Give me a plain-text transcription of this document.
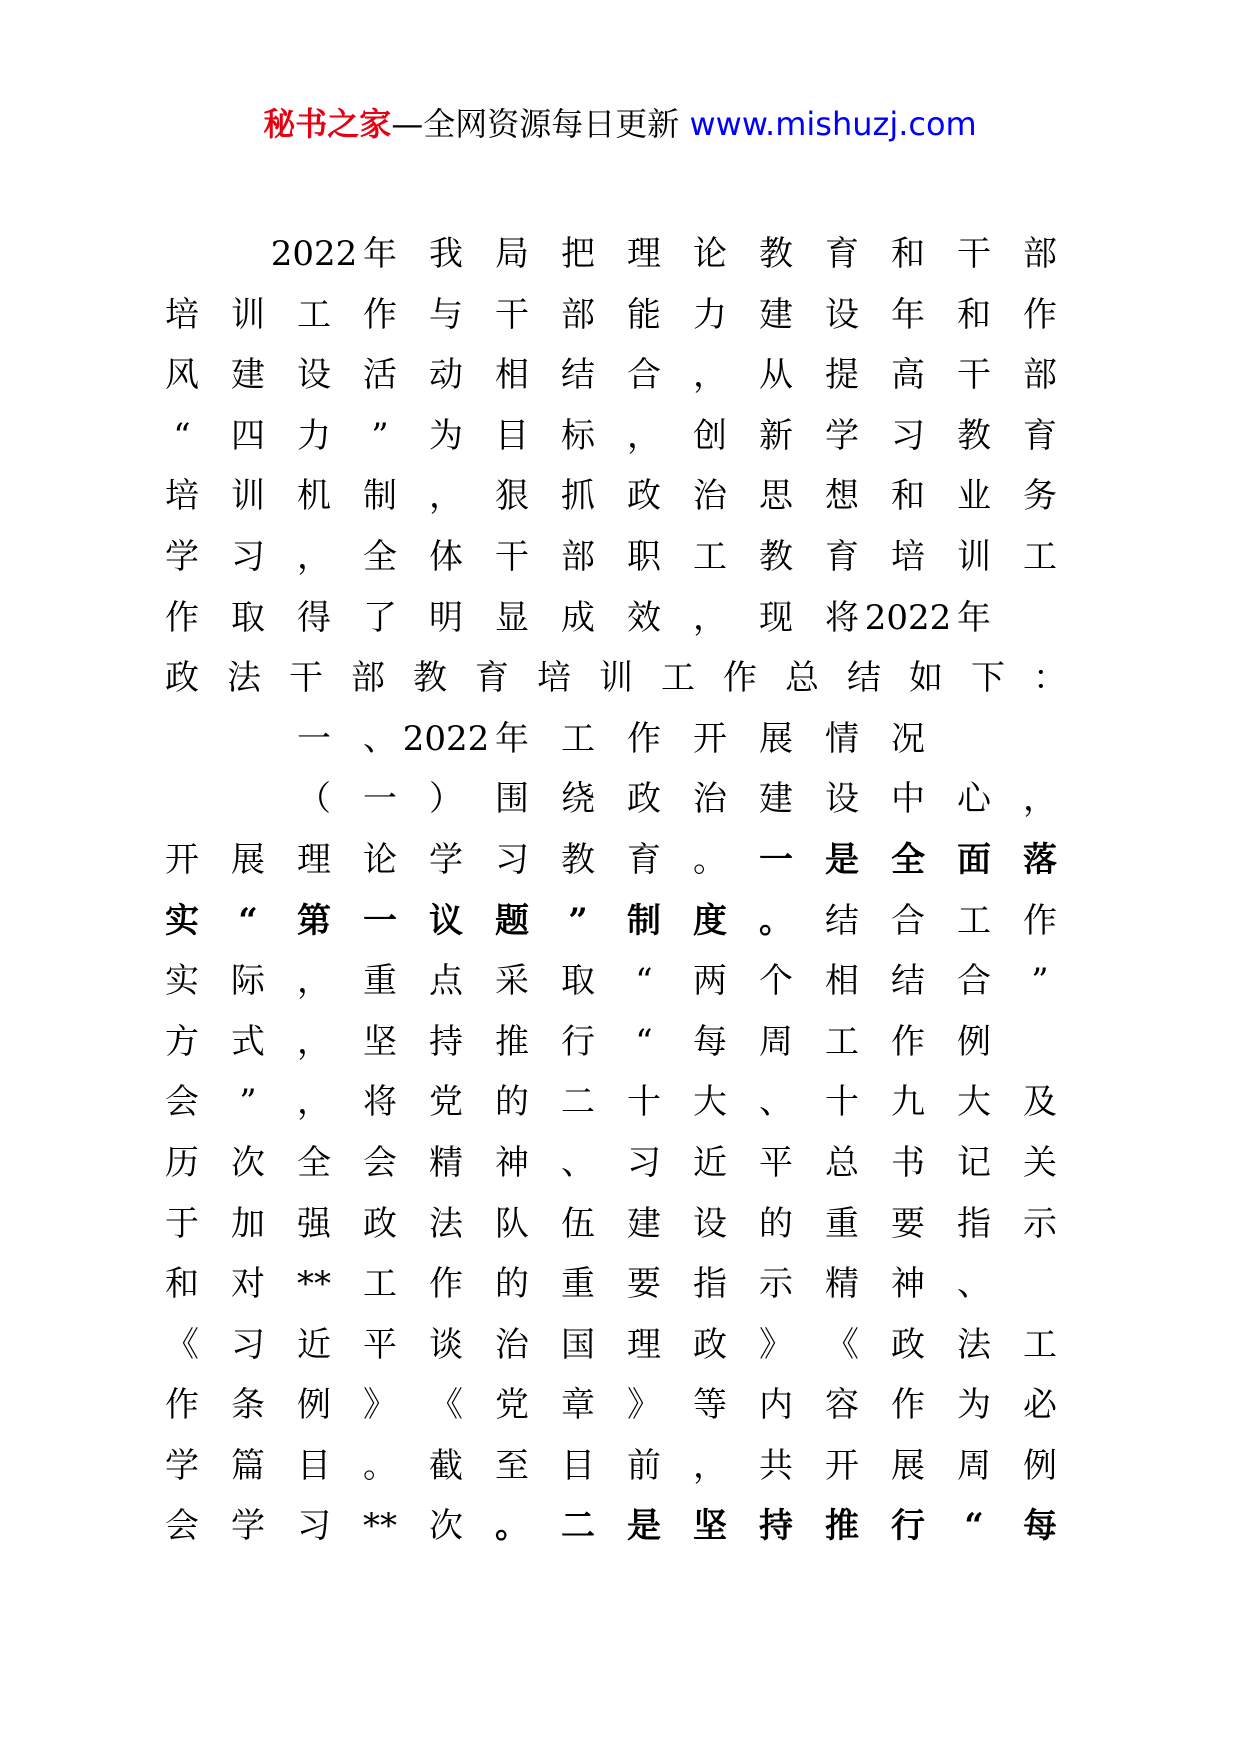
秘书之家—全网资源每日更新 www.mishuzj.com
2022 年 我 局 把 理 论 教 育 和 干 部
培 训 工 作 与 干 部 能 力 建 设 年 和 作
风 建 设 活 动 相 结 合 ， 从 提 高 干 部
“ 四 力 ” 为 目 标 ， 创 新 学 习 教 育
培 训 机 制 ， 狠 抓 政 治 思 想 和 业 务
学 习 ， 全 体 干 部 职 工 教 育 培 训 工
作 取 得 了 明 显 成 效 ， 现 将 2022 年
政 法 干 部 教 育 培 训 工 作 总 结 如 下 ：
一 、 2022 年 工 作 开 展 情 况
（ 一 ） 围 绕 政 治 建 设 中 心 ，
开 展 理 论 学 习 教 育 。 一 是 全 面 落
实 “ 第 一 议 题 ” 制 度 。 结 合 工 作
实 际 ， 重 点 采 取 “ 两 个 相 结 合 ”
方 式 ， 坚 持 推 行 “ 每 周 工 作 例
会 ” ， 将 党 的 二 十 大 、 十 九 大 及
历 次 全 会 精 神 、 习 近 平 总 书 记 关
于 加 强 政 法 队 伍 建 设 的 重 要 指 示
和 对 ** 工 作 的 重 要 指 示 精 神 、
《 习 近 平 谈 治 国 理 政 》 《 政 法 工
作 条 例 》 《 党 章 》 等 内 容 作 为 必
学 篇 目 。 截 至 目 前 ， 共 开 展 周 例
会 学 习 ** 次 。 二 是 坚 持 推 行 “ 每
